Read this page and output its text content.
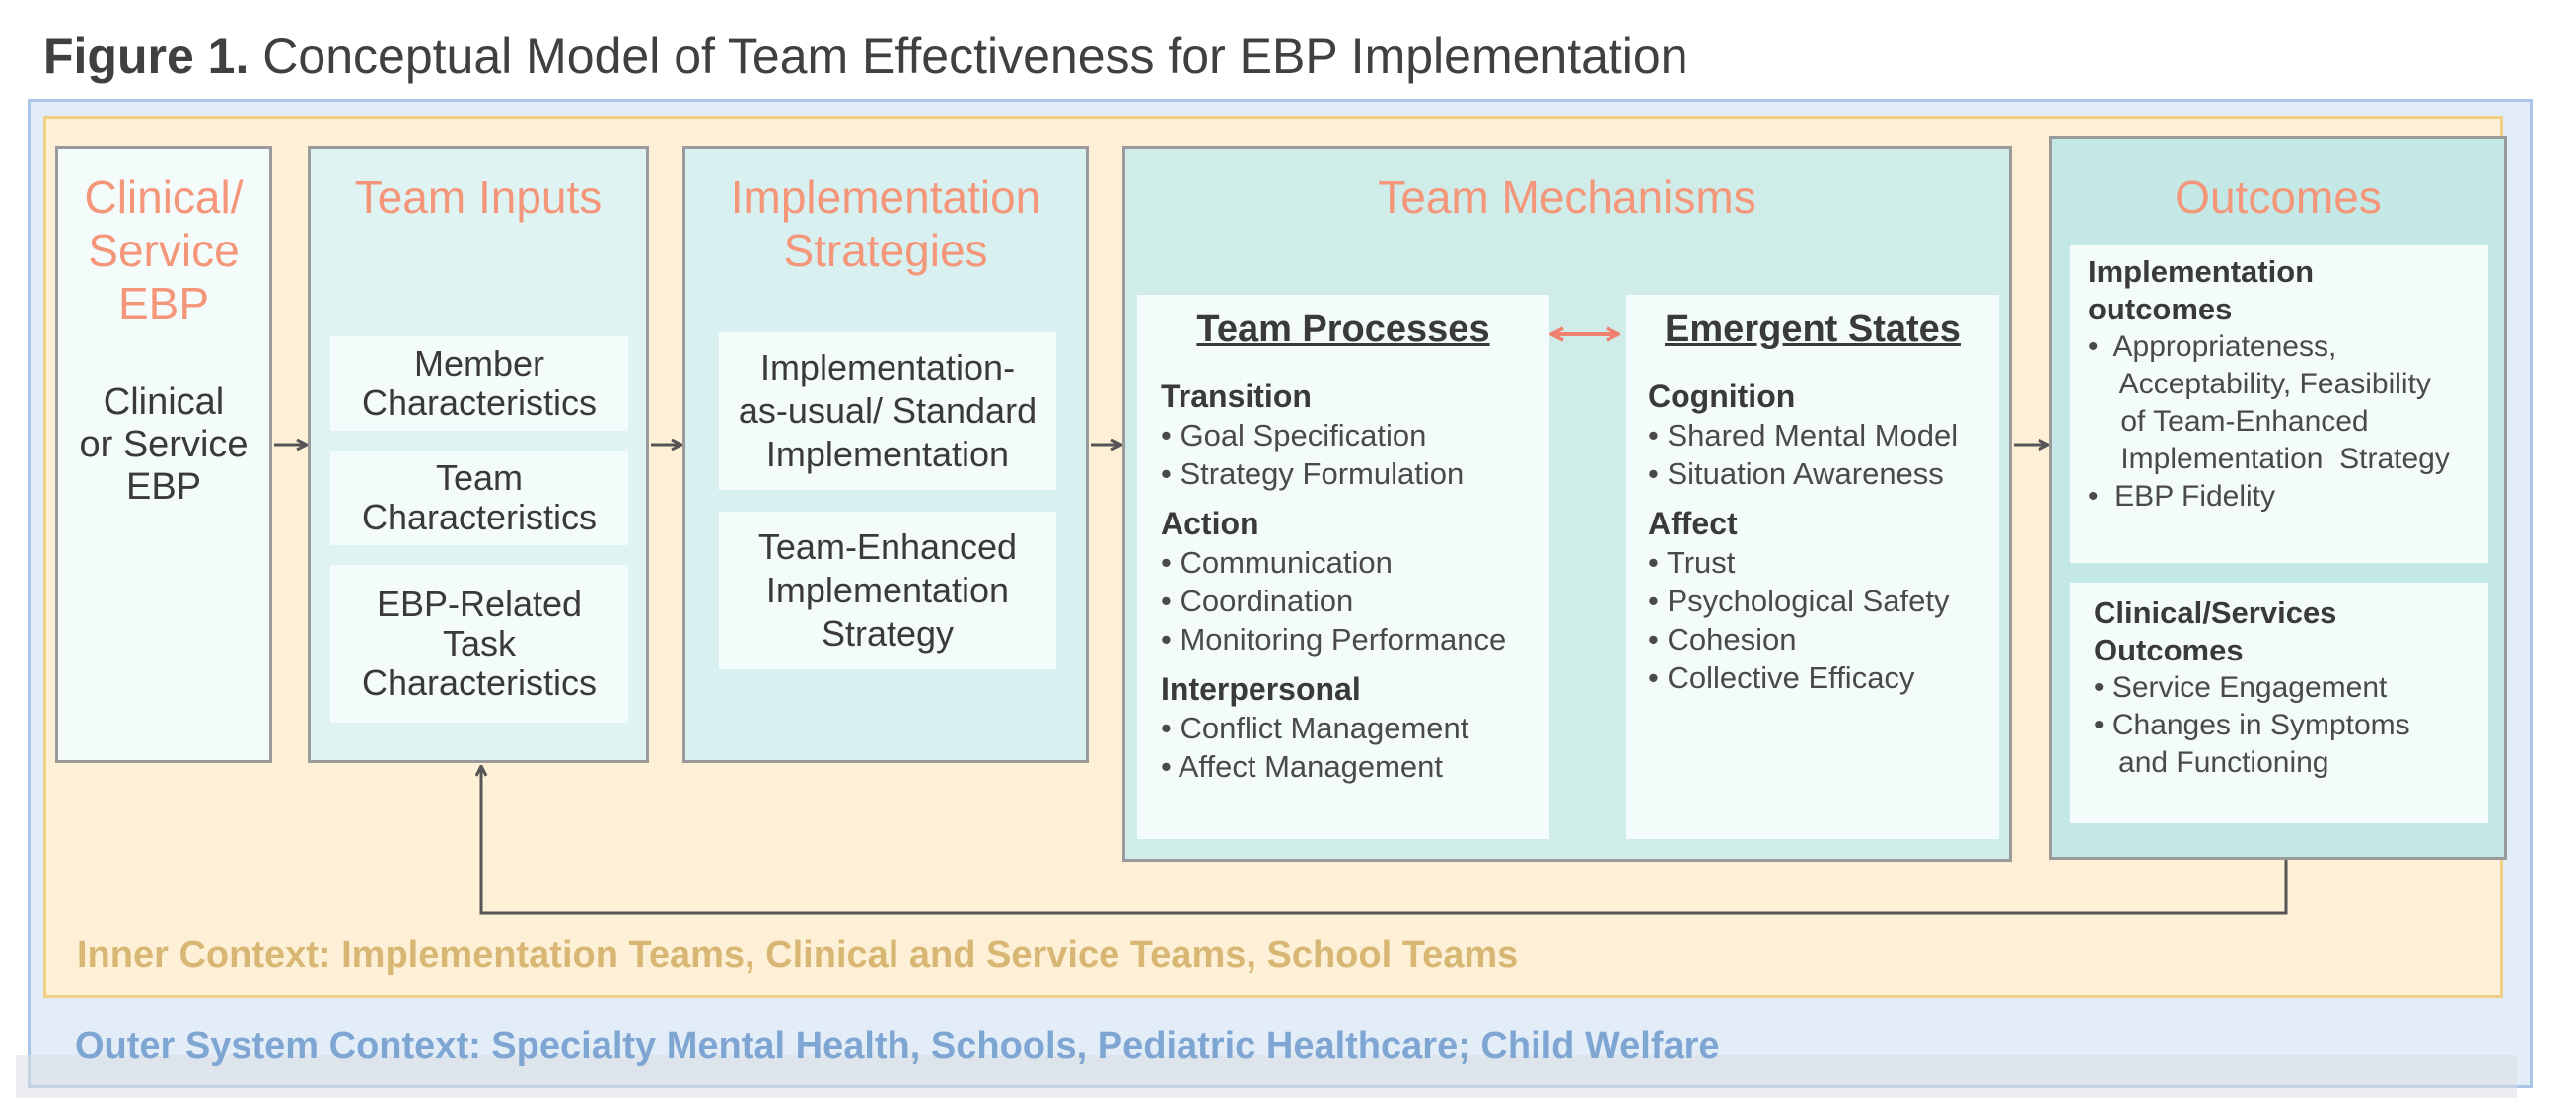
Figure 1. Conceptual Model of Team Effectiveness for EBP Implementation
Outer System Context: Specialty Mental Health, Schools, Pediatric Healthcare; Child Welfare
Inner Context: Implementation Teams, Clinical and Service Teams, School Teams
Clinical/
Service
EBP
Clinical
or Service
EBP
Team Inputs
Member
Characteristics
Team
Characteristics
EBP-Related
Task
Characteristics
Implementation
Strategies
Implementation-
as-usual/ Standard
Implementation
Team-Enhanced
Implementation
Strategy
Team Mechanisms
Team Processes
Transition
• Goal Specification
• Strategy Formulation
Action
• Communication
• Coordination
• Monitoring Performance
Interpersonal
• Conflict Management
• Affect Management
Emergent States
Cognition
• Shared Mental Model
• Situation Awareness
Affect
• Trust
• Psychological Safety
• Cohesion
• Collective Efficacy
Outcomes
Implementation
outcomes
•  Appropriateness,
Acceptability, Feasibility
of Team-Enhanced
Implementation  Strategy
•  EBP Fidelity
Clinical/Services
Outcomes
• Service Engagement
• Changes in Symptoms
and Functioning
